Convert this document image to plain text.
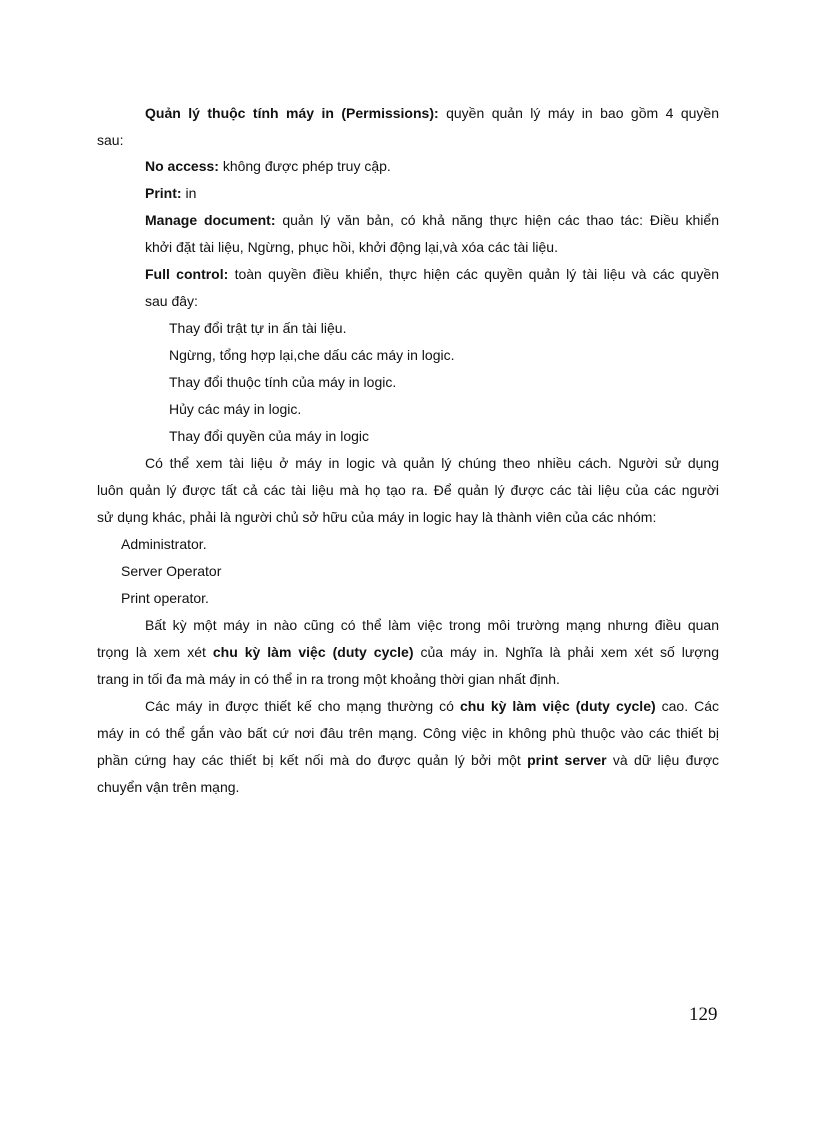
Quản lý thuộc tính máy in (Permissions): quyền quản lý máy in bao gồm 4 quyền
sau:
No access: không được phép truy cập.
Print: in
Manage document: quản lý văn bản, có khả năng thực hiện các thao tác: Điều khiển
khởi đặt tài liệu, Ngừng, phục hồi, khởi động lại,và xóa các tài liệu.
Full control: toàn quyền điều khiển, thực hiện các quyền quản lý tài liệu và các quyền
sau đây:
Thay đổi trật tự in ấn tài liệu.
Ngừng, tổng hợp lại,che dấu các máy in logic.
Thay đổi thuộc tính của máy in logic.
Hủy các máy in logic.
Thay đổi quyền của máy in logic
Có thể xem tài liệu ở máy in logic và quản lý chúng theo nhiều cách. Người sử dụng
luôn quản lý được tất cả các tài liệu mà họ tạo ra. Để quản lý được các tài liệu của các người
sử dụng khác, phải là người chủ sở hữu của máy in logic hay là thành viên của các nhóm:
Administrator.
Server Operator
Print operator.
Bất kỳ một máy in nào cũng có thể làm việc trong môi trường mạng nhưng điều quan
trọng là xem xét chu kỳ làm việc (duty cycle) của máy in. Nghĩa là phải xem xét số lượng
trang in tối đa mà máy in có thể in ra trong một khoảng thời gian nhất định.
Các máy in được thiết kế cho mạng thường có chu kỳ làm việc (duty cycle) cao. Các
máy in có thể gắn vào bất cứ nơi đâu trên mạng. Công việc in không phù thuộc vào các thiết bị
phần cứng hay các thiết bị kết nối mà do được quản lý bởi một print server và dữ liệu được
chuyển vận trên mạng.
129
